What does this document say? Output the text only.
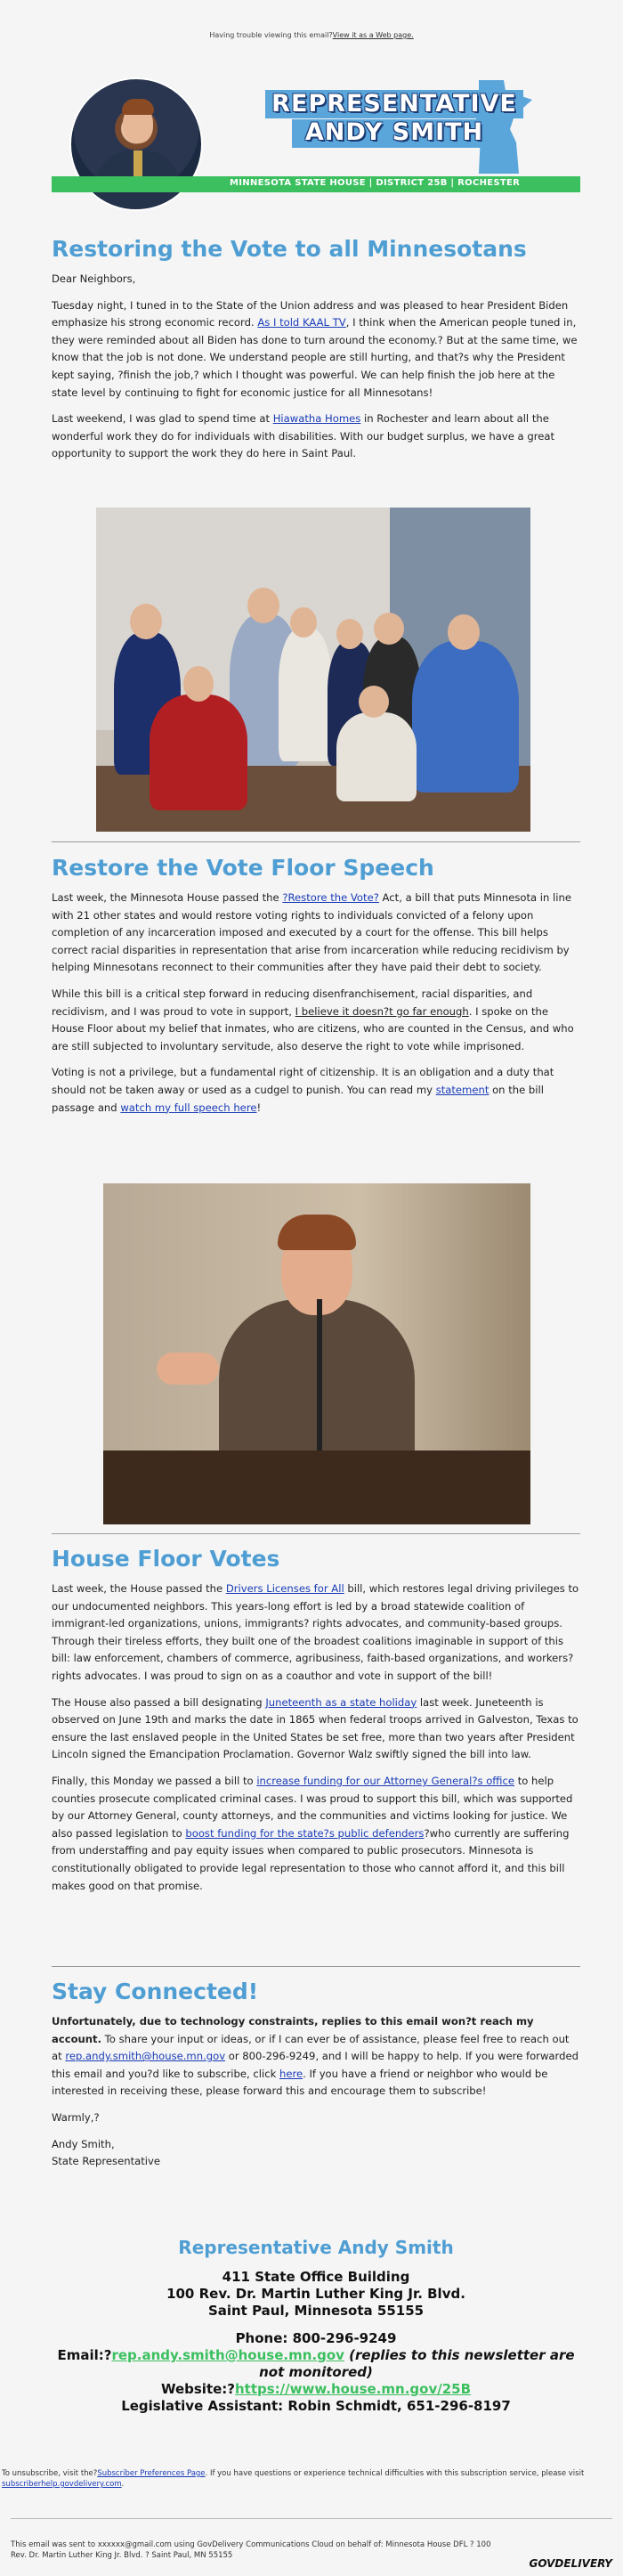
Having trouble viewing this email?View it as a Web page.
REPRESENTATIVE
ANDY SMITH
MINNESOTA STATE HOUSE | DISTRICT 25B | ROCHESTER
Restoring the Vote to all Minnesotans

Dear Neighbors,

Tuesday night, I tuned in to the State of the Union address and was pleased to hear President Biden emphasize his strong economic record. As I told KAAL TV, I think when the American people tuned in, they were reminded about all Biden has done to turn around the economy.? But at the same time, we know that the job is not done. We understand people are still hurting, and that?s why the President kept saying, ?finish the job,? which I thought was powerful. We can help finish the job here at the state level by continuing to fight for economic justice for all Minnesotans!

Last weekend, I was glad to spend time at Hiawatha Homes in Rochester and learn about all the wonderful work they do for individuals with disabilities. With our budget surplus, we have a great opportunity to support the work they do here in Saint Paul.

Restore the Vote Floor Speech

Last week, the Minnesota House passed the ?Restore the Vote? Act, a bill that puts Minnesota in line with 21 other states and would restore voting rights to individuals convicted of a felony upon completion of any incarceration imposed and executed by a court for the offense. This bill helps correct racial disparities in representation that arise from incarceration while reducing recidivism by helping Minnesotans reconnect to their communities after they have paid their debt to society.

While this bill is a critical step forward in reducing disenfranchisement, racial disparities, and recidivism, and I was proud to vote in support, I believe it doesn?t go far enough. I spoke on the House Floor about my belief that inmates, who are citizens, who are counted in the Census, and who are still subjected to involuntary servitude, also deserve the right to vote while imprisoned.

Voting is not a privilege, but a fundamental right of citizenship. It is an obligation and a duty that should not be taken away or used as a cudgel to punish. You can read my statement on the bill passage and watch my full speech here!

House Floor Votes

Last week, the House passed the Drivers Licenses for All bill, which restores legal driving privileges to our undocumented neighbors. This years-long effort is led by a broad statewide coalition of immigrant-led organizations, unions, immigrants? rights advocates, and community-based groups. Through their tireless efforts, they built one of the broadest coalitions imaginable in support of this bill: law enforcement, chambers of commerce, agribusiness, faith-based organizations, and workers? rights advocates. I was proud to sign on as a coauthor and vote in support of the bill!

The House also passed a bill designating Juneteenth as a state holiday last week. Juneteenth is observed on June 19th and marks the date in 1865 when federal troops arrived in Galveston, Texas to ensure the last enslaved people in the United States be set free, more than two years after President Lincoln signed the Emancipation Proclamation. Governor Walz swiftly signed the bill into law.

Finally, this Monday we passed a bill to increase funding for our Attorney General?s office to help counties prosecute complicated criminal cases. I was proud to support this bill, which was supported by our Attorney General, county attorneys, and the communities and victims looking for justice. We also passed legislation to boost funding for the state?s public defenders?who currently are suffering from understaffing and pay equity issues when compared to public prosecutors. Minnesota is constitutionally obligated to provide legal representation to those who cannot afford it, and this bill makes good on that promise.

Stay Connected!

Unfortunately, due to technology constraints, replies to this email won?t reach my account. To share your input or ideas, or if I can ever be of assistance, please feel free to reach out at rep.andy.smith@house.mn.gov or 800-296-9249, and I will be happy to help. If you were forwarded this email and you?d like to subscribe, click here. If you have a friend or neighbor who would be interested in receiving these, please forward this and encourage them to subscribe!

Warmly,?

Andy Smith,

State Representative

Representative Andy Smith
411 State Office Building
100 Rev. Dr. Martin Luther King Jr. Blvd.
Saint Paul, Minnesota 55155
Phone: 800-296-9249
Email:?rep.andy.smith@house.mn.gov (replies to this newsletter are not monitored)
Website:?https://www.house.mn.gov/25B
Legislative Assistant: Robin Schmidt, 651-296-8197

To unsubscribe, visit the?Subscriber Preferences Page. If you have questions or experience technical difficulties with this subscription service, please visit subscriberhelp.govdelivery.com.

This email was sent to xxxxxx@gmail.com using GovDelivery Communications Cloud on behalf of: Minnesota House DFL ? 100 Rev. Dr. Martin Luther King Jr. Blvd. ? Saint Paul, MN 55155

GOVDELIVERY
